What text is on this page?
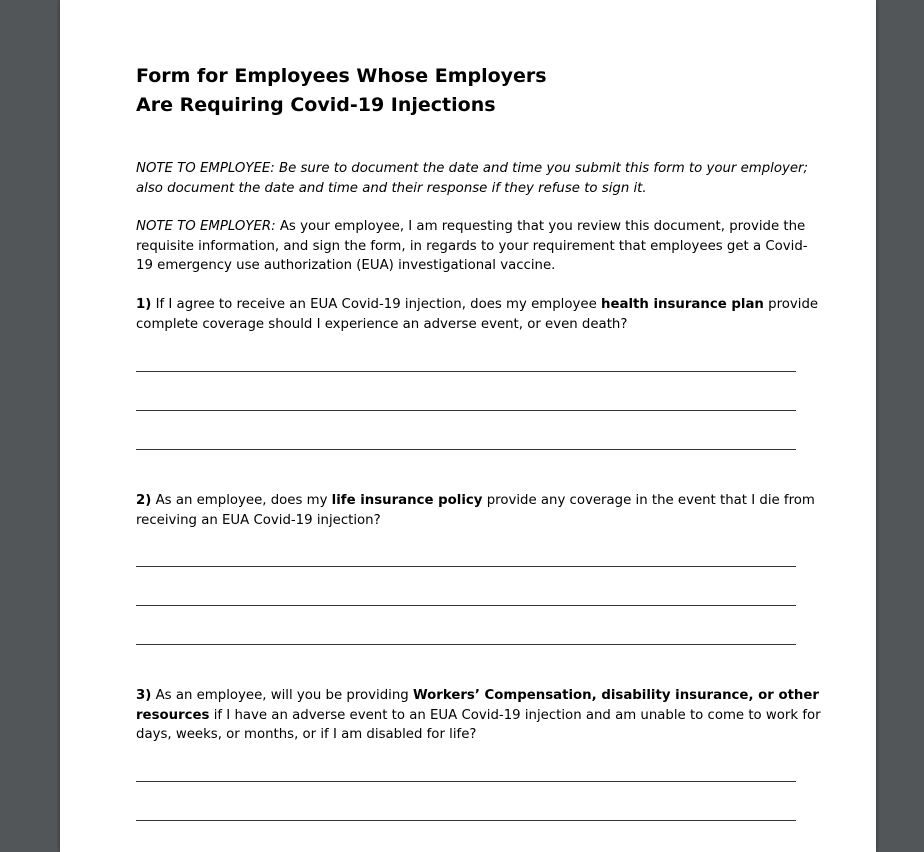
Form for Employees Whose Employers
Are Requiring Covid-19 Injections

NOTE TO EMPLOYEE: Be sure to document the date and time you submit this form to your employer;
also document the date and time and their response if they refuse to sign it.

NOTE TO EMPLOYER: As your employee, I am requesting that you review this document, provide the
requisite information, and sign the form, in regards to your requirement that employees get a Covid-
19 emergency use authorization (EUA) investigational vaccine.

1) If I agree to receive an EUA Covid-19 injection, does my employee health insurance plan provide
complete coverage should I experience an adverse event, or even death?

2) As an employee, does my life insurance policy provide any coverage in the event that I die from
receiving an EUA Covid-19 injection?

3) As an employee, will you be providing Workers’ Compensation, disability insurance, or other
resources if I have an adverse event to an EUA Covid-19 injection and am unable to come to work for
days, weeks, or months, or if I am disabled for life?
